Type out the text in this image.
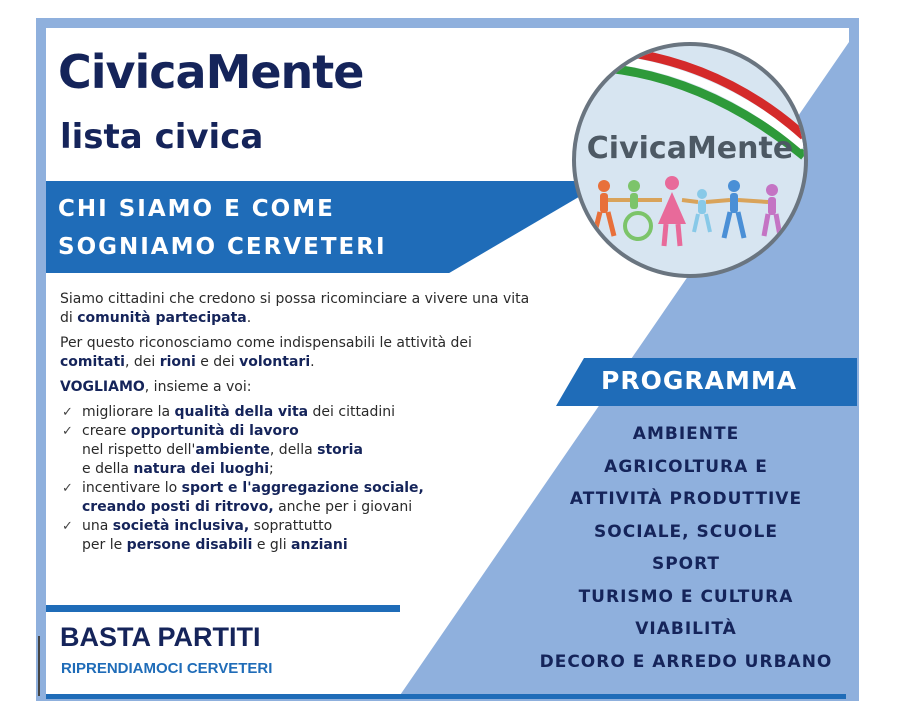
CivicaMente
lista civica
CHI SIAMO E COME
SOGNIAMO CERVETERI
CivicaMente

Siamo cittadini che credono si possa ricominciare a vivere una vita di comunità partecipata.

Per questo riconosciamo come indispensabili le attività dei comitati, dei rioni e dei volontari.

VOGLIAMO, insieme a voi:

✓ migliorare la qualità della vita dei cittadini
✓ creare opportunità di lavoro
nel rispetto dell'ambiente, della storia
e della natura dei luoghi;
✓ incentivare lo sport e l'aggregazione sociale,
creando posti di ritrovo, anche per i giovani
✓ una società inclusiva, soprattutto
per le persone disabili e gli anziani
BASTA PARTITI
RIPRENDIAMOCI CERVETERI
PROGRAMMA
AMBIENTE
AGRICOLTURA E
ATTIVITÀ PRODUTTIVE
SOCIALE, SCUOLE
SPORT
TURISMO E CULTURA
VIABILITÀ
DECORO E ARREDO URBANO
